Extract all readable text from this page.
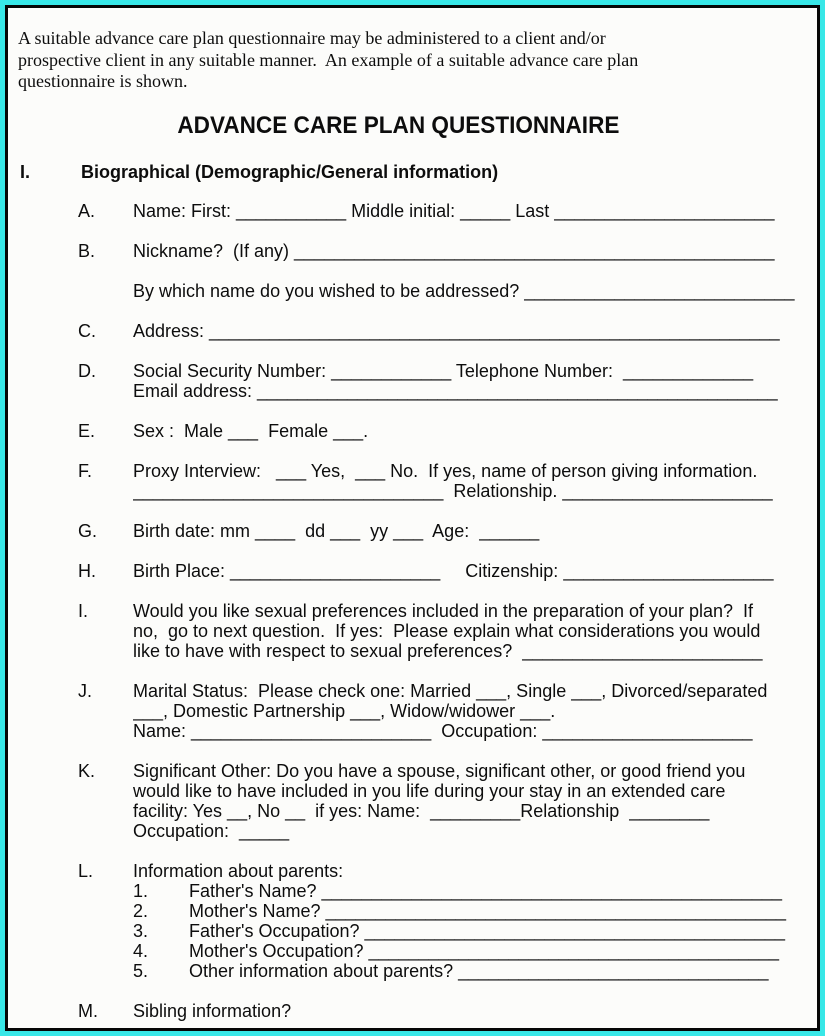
A suitable advance care plan questionnaire may be administered to a client and/or
prospective client in any suitable manner.  An example of a suitable advance care plan
questionnaire is shown.
ADVANCE CARE PLAN QUESTIONNAIRE
I.	Biographical (Demographic/General information)
A.	Name: First: ___________ Middle initial: _____ Last ______________________
B.	Nickname?  (If any) ________________________________________________
By which name do you wished to be addressed? ___________________________
C.	Address: _________________________________________________________
D.	Social Security Number: ____________ Telephone Number:  _____________
Email address: ____________________________________________________
E.	Sex :  Male ___  Female ___.
F.	Proxy Interview:   ___ Yes,  ___ No.  If yes, name of person giving information.
_______________________________  Relationship. _____________________
G.	Birth date: mm ____  dd ___  yy ___  Age:  ______
H.	Birth Place: _____________________     Citizenship: _____________________
I.	Would you like sexual preferences included in the preparation of your plan?  If
no,  go to next question.  If yes:  Please explain what considerations you would
like to have with respect to sexual preferences?  ________________________
J.	Marital Status:  Please check one: Married ___, Single ___, Divorced/separated
___, Domestic Partnership ___, Widow/widower ___.
Name: ________________________  Occupation: _____________________
K.	Significant Other: Do you have a spouse, significant other, or good friend you
would like to have included in you life during your stay in an extended care
facility: Yes __, No __  if yes: Name:  _________Relationship  ________
Occupation:  _____
L.	Information about parents:
1.	Father's Name? ______________________________________________
2.	Mother's Name? ______________________________________________
3.	Father's Occupation? __________________________________________
4.	Mother's Occupation? _________________________________________
5.	Other information about parents? _______________________________
M.	Sibling information?
